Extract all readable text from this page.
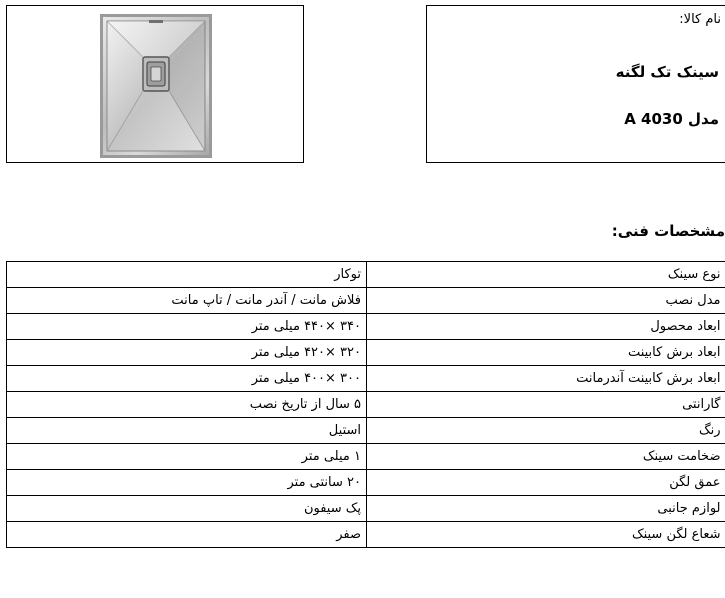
نام کالا:
سینک تک لگنه
مدل A 4030
مشخصات فنی:
نوع سینک	توکار
مدل نصب	فلاش مانت / آندر مانت / تاپ مانت
ابعاد محصول	۳۴۰ ×۴۴۰ میلی متر
ابعاد برش کابینت	۳۲۰ ×۴۲۰ میلی متر
ابعاد برش کابینت آندرمانت	۳۰۰ ×۴۰۰ میلی متر
گارانتی	۵ سال از تاریخ نصب
رنگ	استیل
ضخامت سینک	۱ میلی متر
عمق لگن	۲۰ سانتی متر
لوازم جانبی	پک سیفون
شعاع لگن سینک	صفر
